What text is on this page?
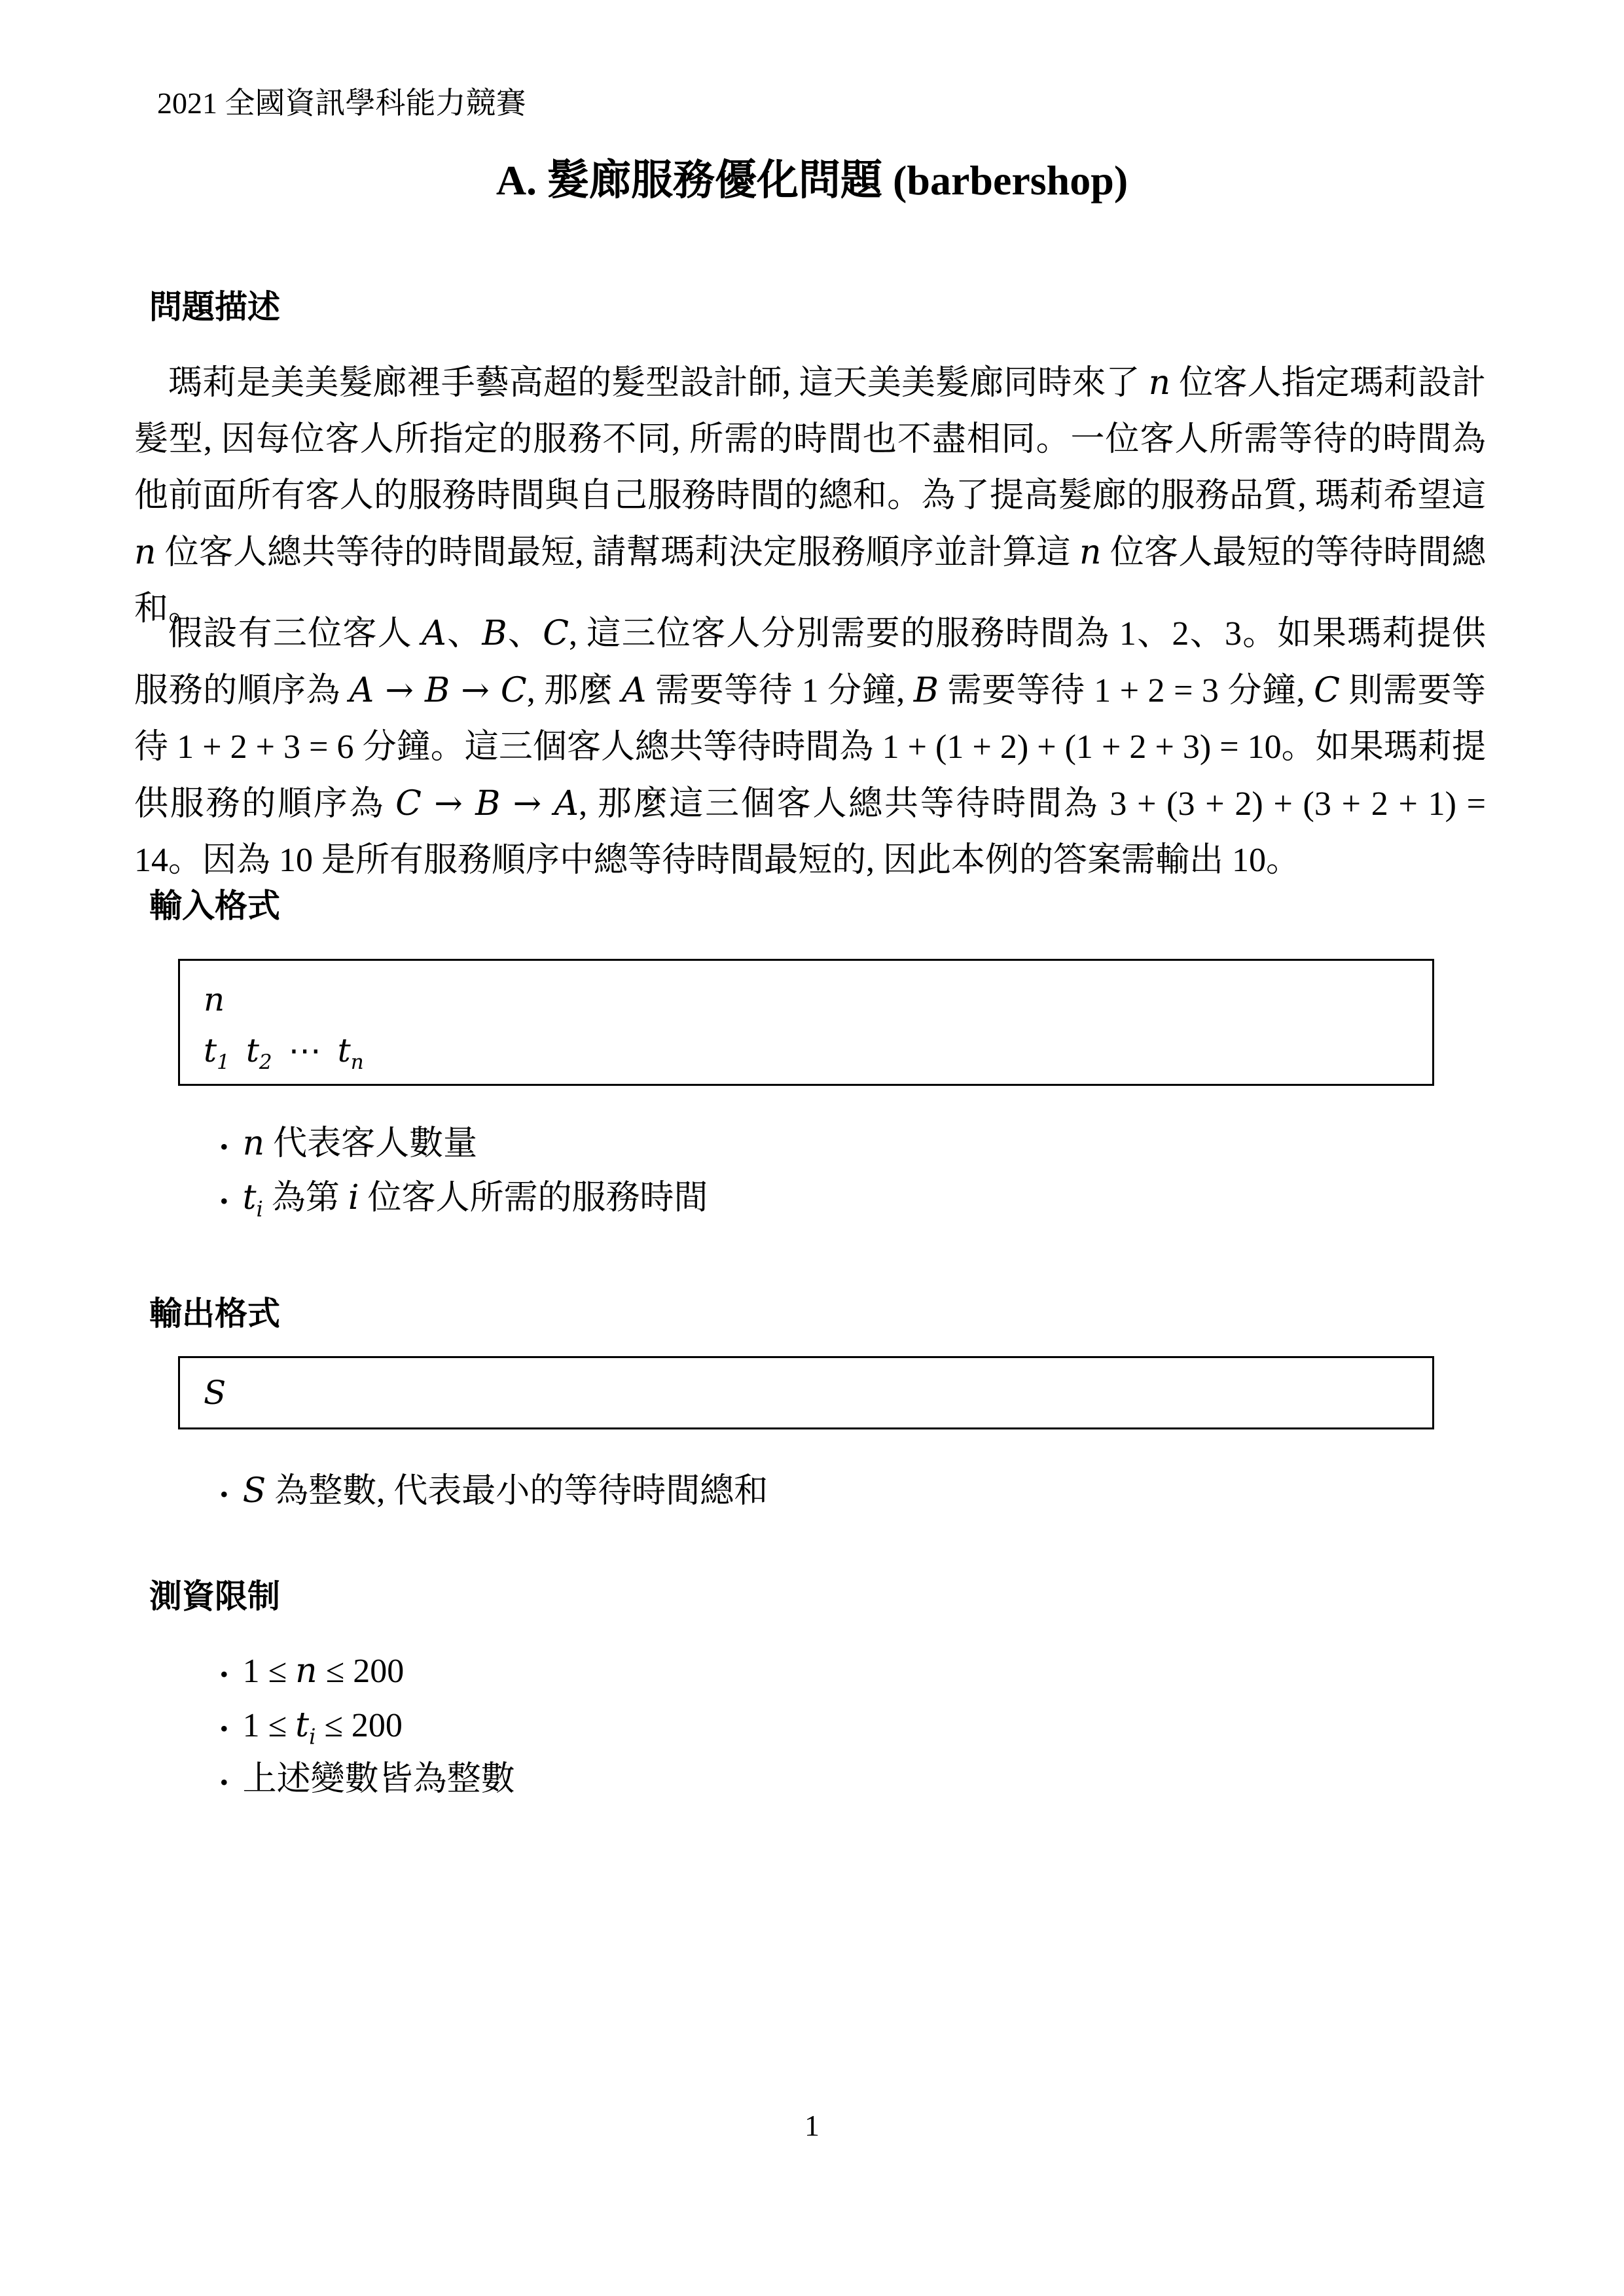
2021 全國資訊學科能力競賽
A. 髮廊服務優化問題 (barbershop)
問題描述
瑪莉是美美髮廊裡手藝高超的髮型設計師, 這天美美髮廊同時來了 n 位客人指定瑪莉設計髮型, 因每位客人所指定的服務不同, 所需的時間也不盡相同。一位客人所需等待的時間為他前面所有客人的服務時間與自己服務時間的總和。為了提高髮廊的服務品質, 瑪莉希望這 n 位客人總共等待的時間最短, 請幫瑪莉決定服務順序並計算這 n 位客人最短的等待時間總和。
假設有三位客人 A、B、C, 這三位客人分別需要的服務時間為 1、2、3。如果瑪莉提供服務的順序為 A → B → C, 那麼 A 需要等待 1 分鐘, B 需要等待 1 + 2 = 3 分鐘, C 則需要等待 1 + 2 + 3 = 6 分鐘。這三個客人總共等待時間為 1 + (1 + 2) + (1 + 2 + 3) = 10。如果瑪莉提供服務的順序為 C → B → A, 那麼這三個客人總共等待時間為 3 + (3 + 2) + (3 + 2 + 1) = 14。因為 10 是所有服務順序中總等待時間最短的, 因此本例的答案需輸出 10。
輸入格式
n
$t_1$ $t_2$  ⋯  $t_n$
• n 代表客人數量
• $t_i$ 為第 i 位客人所需的服務時間
輸出格式
S
• S 為整數, 代表最小的等待時間總和
測資限制
• 1 ≤ n ≤ 200
• $1 \le t_i \le 200$
• 上述變數皆為整數
1
